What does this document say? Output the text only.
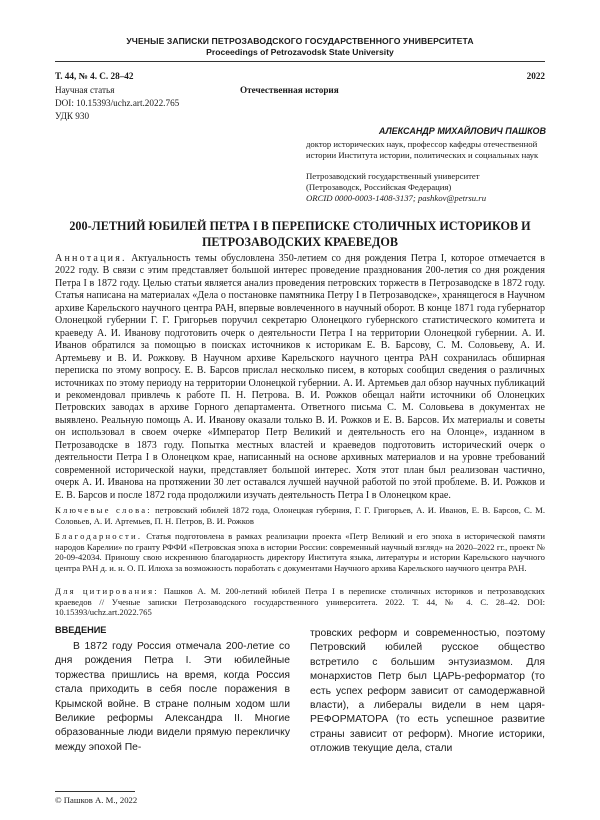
УЧЕНЫЕ ЗАПИСКИ ПЕТРОЗАВОДСКОГО ГОСУДАРСТВЕННОГО УНИВЕРСИТЕТА
Proceedings of Petrozavodsk State University
Т. 44, № 4. С. 28–42	2022
Научная статья	Отечественная история
DOI: 10.15393/uchz.art.2022.765
УДК 930
АЛЕКСАНДР МИХАЙЛОВИЧ ПАШКОВ
доктор исторических наук, профессор кафедры отечественной истории Института истории, политических и социальных наук
Петрозаводский государственный университет
(Петрозаводск, Российская Федерация)
ORCID 0000-0003-1408-3137; pashkov@petrsu.ru
200-ЛЕТНИЙ ЮБИЛЕЙ ПЕТРА I В ПЕРЕПИСКЕ СТОЛИЧНЫХ ИСТОРИКОВ И ПЕТРОЗАВОДСКИХ КРАЕВЕДОВ
Аннотация. Актуальность темы обусловлена 350-летием со дня рождения Петра I, которое отмечается в 2022 году. В связи с этим представляет большой интерес проведение празднования 200-летия со дня рождения Петра I в 1872 году. Целью статьи является анализ проведения петровских торжеств в Петрозаводске в 1872 году. Статья написана на материалах «Дела о постановке памятника Петру I в Петрозаводске», хранящегося в Научном архиве Карельского научного центра РАН, впервые вовлеченного в научный оборот. В конце 1871 года губернатор Олонецкой губернии Г. Г. Григорьев поручил секретарю Олонецкого губернского статистического комитета и краеведу А. И. Иванову подготовить очерк о деятельности Петра I на территории Олонецкой губернии. А. И. Иванов обратился за помощью в поисках источников к историкам Е. В. Барсову, С. М. Соловьеву, А. И. Артемьеву и В. И. Рожкову. В Научном архиве Карельского научного центра РАН сохранилась обширная переписка по этому вопросу. Е. В. Барсов прислал несколько писем, в которых сообщил сведения о различных источниках по этому периоду на территории Олонецкой губернии. А. И. Артемьев дал обзор научных публикаций и рекомендовал привлечь к работе П. Н. Петрова. В. И. Рожков обещал найти источники об Олонецких Петровских заводах в архиве Горного департамента. Ответного письма С. М. Соловьева в документах не выявлено. Реальную помощь А. И. Иванову оказали только В. И. Рожков и Е. В. Барсов. Их материалы и советы он использовал в своем очерке «Император Петр Великий и деятельность его на Олонце», изданном в Петрозаводске в 1873 году. Попытка местных властей и краеведов подготовить исторический очерк о деятельности Петра I в Олонецком крае, написанный на основе архивных материалов и на уровне требований современной исторической науки, представляет большой интерес. Хотя этот план был реализован частично, очерк А. И. Иванова на протяжении 30 лет оставался лучшей научной работой по этой проблеме. В. И. Рожков и Е. В. Барсов и после 1872 года продолжили изучать деятельность Петра I в Олонецком крае.
Ключевые слова: петровский юбилей 1872 года, Олонецкая губерния, Г. Г. Григорьев, А. И. Иванов, Е. В. Барсов, С. М. Соловьев, А. И. Артемьев, П. Н. Петров, В. И. Рожков
Благодарности. Статья подготовлена в рамках реализации проекта «Петр Великий и его эпоха в исторической памяти народов Карелии» по гранту РФФИ «Петровская эпоха в истории России: современный научный взгляд» на 2020–2022 гг., проект № 20-09-42034. Приношу свою искреннюю благодарность директору Института языка, литературы и истории Карельского научного центра РАН д. и. н. О. П. Илюха за возможность поработать с документами Научного архива Карельского научного центра РАН.
Для цитирования: Пашков А. М. 200-летний юбилей Петра I в переписке столичных историков и петрозаводских краеведов // Ученые записки Петрозаводского государственного университета. 2022. Т. 44, № 4. С. 28–42. DOI: 10.15393/uchz.art.2022.765
ВВЕДЕНИЕ
В 1872 году Россия отмечала 200-летие со дня рождения Петра I. Эти юбилейные торжества пришлись на время, когда Россия стала приходить в себя после поражения в Крымской войне. В стране полным ходом шли Великие реформы Александра II. Многие образованные люди видели прямую перекличку между эпохой Пе-
тровских реформ и современностью, поэтому Петровский юбилей русское общество встретило с большим энтузиазмом. Для монархистов Петр был ЦАРЬ-реформатор (то есть успех реформ зависит от самодержавной власти), а либералы видели в нем царя-РЕФОРМАТОРА (то есть успешное развитие страны зависит от реформ). Многие историки, отложив текущие дела, стали
© Пашков А. М., 2022
